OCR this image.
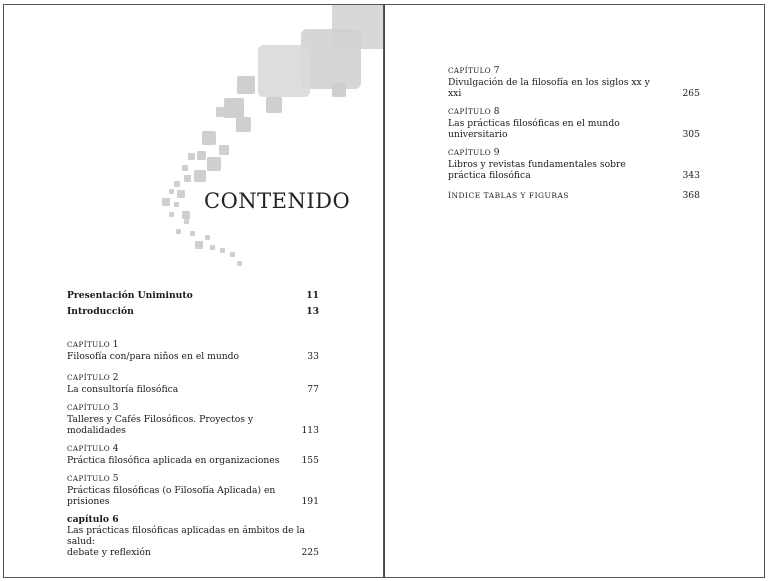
CONTENIDO
Presentación Uniminuto	11
Introducción	13
CAPÍTULO 1
Filosofía con/para niños en el mundo	33
CAPÍTULO 2
La consultoría filosófica	77
CAPÍTULO 3
Talleres y Cafés Filosóficos. Proyectos y modalidades	113
CAPÍTULO 4
Práctica filosófica aplicada en organizaciones	155
CAPÍTULO 5
Prácticas filosóficas (o Filosofía Aplicada) en prisiones	191
capítulo 6
Las prácticas filosóficas aplicadas en ámbitos de la salud:
debate y reflexión	225
CAPÍTULO 7
Divulgación de la filosofía en los siglos xx y xxi	265
CAPÍTULO 8
Las prácticas filosóficas en el mundo universitario	305
CAPÍTULO 9
Libros y revistas fundamentales sobre práctica filosófica	343
ÍNDICE TABLAS Y FIGURAS	368
